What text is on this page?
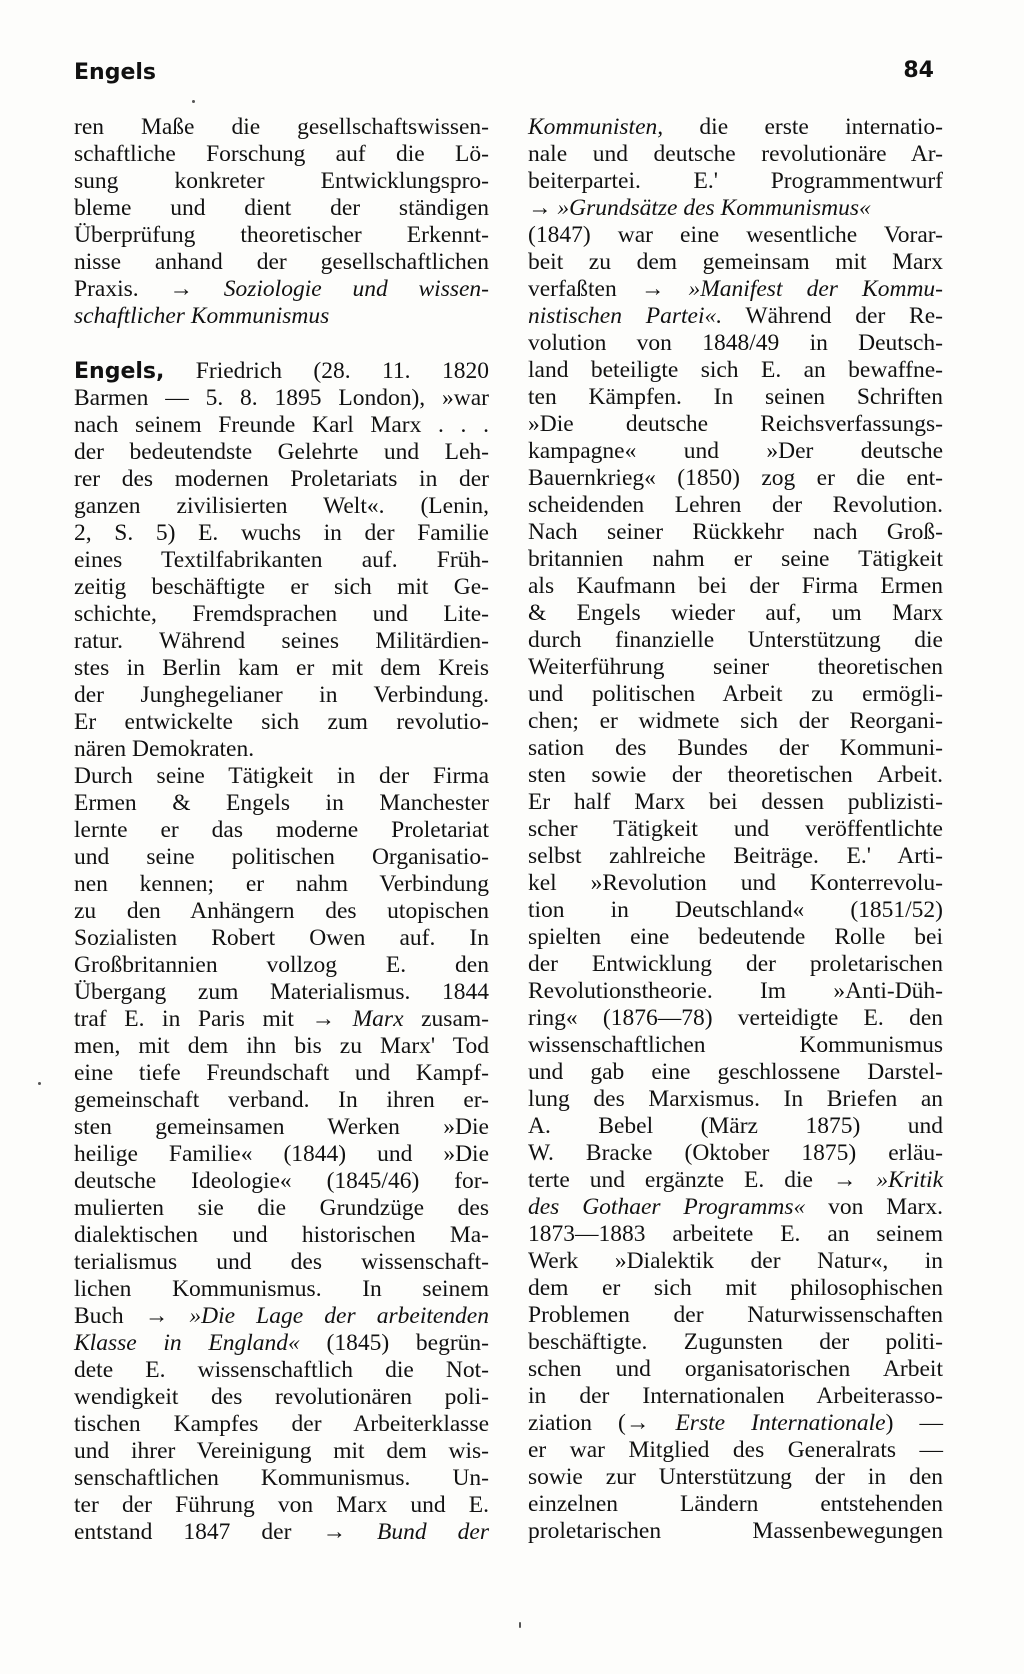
Engels	84
ren Maße die gesellschaftswissen-
schaftliche Forschung auf die Lö-
sung konkreter Entwicklungspro-
bleme und dient der ständigen
Überprüfung theoretischer Erkennt-
nisse anhand der gesellschaftlichen
Praxis. → Soziologie und wissen-
schaftlicher Kommunismus
Engels, Friedrich (28. 11. 1820
Barmen — 5. 8. 1895 London), »war
nach seinem Freunde Karl Marx . . .
der bedeutendste Gelehrte und Leh-
rer des modernen Proletariats in der
ganzen zivilisierten Welt«. (Lenin,
2, S. 5) E. wuchs in der Familie
eines Textilfabrikanten auf. Früh-
zeitig beschäftigte er sich mit Ge-
schichte, Fremdsprachen und Lite-
ratur. Während seines Militärdien-
stes in Berlin kam er mit dem Kreis
der Junghegelianer in Verbindung.
Er entwickelte sich zum revolutio-
nären Demokraten.
Durch seine Tätigkeit in der Firma
Ermen & Engels in Manchester
lernte er das moderne Proletariat
und seine politischen Organisatio-
nen kennen; er nahm Verbindung
zu den Anhängern des utopischen
Sozialisten Robert Owen auf. In
Großbritannien vollzog E. den
Übergang zum Materialismus. 1844
traf E. in Paris mit → Marx zusam-
men, mit dem ihn bis zu Marx' Tod
eine tiefe Freundschaft und Kampf-
gemeinschaft verband. In ihren er-
sten gemeinsamen Werken »Die
heilige Familie« (1844) und »Die
deutsche Ideologie« (1845/46) for-
mulierten sie die Grundzüge des
dialektischen und historischen Ma-
terialismus und des wissenschaft-
lichen Kommunismus. In seinem
Buch → »Die Lage der arbeitenden
Klasse in England« (1845) begrün-
dete E. wissenschaftlich die Not-
wendigkeit des revolutionären poli-
tischen Kampfes der Arbeiterklasse
und ihrer Vereinigung mit dem wis-
senschaftlichen Kommunismus. Un-
ter der Führung von Marx und E.
entstand 1847 der → Bund der
Kommunisten, die erste internatio-
nale und deutsche revolutionäre Ar-
beiterpartei. E.' Programmentwurf
→ »Grundsätze des Kommunismus«
(1847) war eine wesentliche Vorar-
beit zu dem gemeinsam mit Marx
verfaßten → »Manifest der Kommu-
nistischen Partei«. Während der Re-
volution von 1848/49 in Deutsch-
land beteiligte sich E. an bewaffne-
ten Kämpfen. In seinen Schriften
»Die deutsche Reichsverfassungs-
kampagne« und »Der deutsche
Bauernkrieg« (1850) zog er die ent-
scheidenden Lehren der Revolution.
Nach seiner Rückkehr nach Groß-
britannien nahm er seine Tätigkeit
als Kaufmann bei der Firma Ermen
& Engels wieder auf, um Marx
durch finanzielle Unterstützung die
Weiterführung seiner theoretischen
und politischen Arbeit zu ermögli-
chen; er widmete sich der Reorgani-
sation des Bundes der Kommuni-
sten sowie der theoretischen Arbeit.
Er half Marx bei dessen publizisti-
scher Tätigkeit und veröffentlichte
selbst zahlreiche Beiträge. E.' Arti-
kel »Revolution und Konterrevolu-
tion in Deutschland« (1851/52)
spielten eine bedeutende Rolle bei
der Entwicklung der proletarischen
Revolutionstheorie. Im »Anti-Düh-
ring« (1876—78) verteidigte E. den
wissenschaftlichen Kommunismus
und gab eine geschlossene Darstel-
lung des Marxismus. In Briefen an
A. Bebel (März 1875) und
W. Bracke (Oktober 1875) erläu-
terte und ergänzte E. die → »Kritik
des Gothaer Programms« von Marx.
1873—1883 arbeitete E. an seinem
Werk »Dialektik der Natur«, in
dem er sich mit philosophischen
Problemen der Naturwissenschaften
beschäftigte. Zugunsten der politi-
schen und organisatorischen Arbeit
in der Internationalen Arbeiterasso-
ziation (→ Erste Internationale) —
er war Mitglied des Generalrats —
sowie zur Unterstützung der in den
einzelnen Ländern entstehenden
proletarischen Massenbewegungen
